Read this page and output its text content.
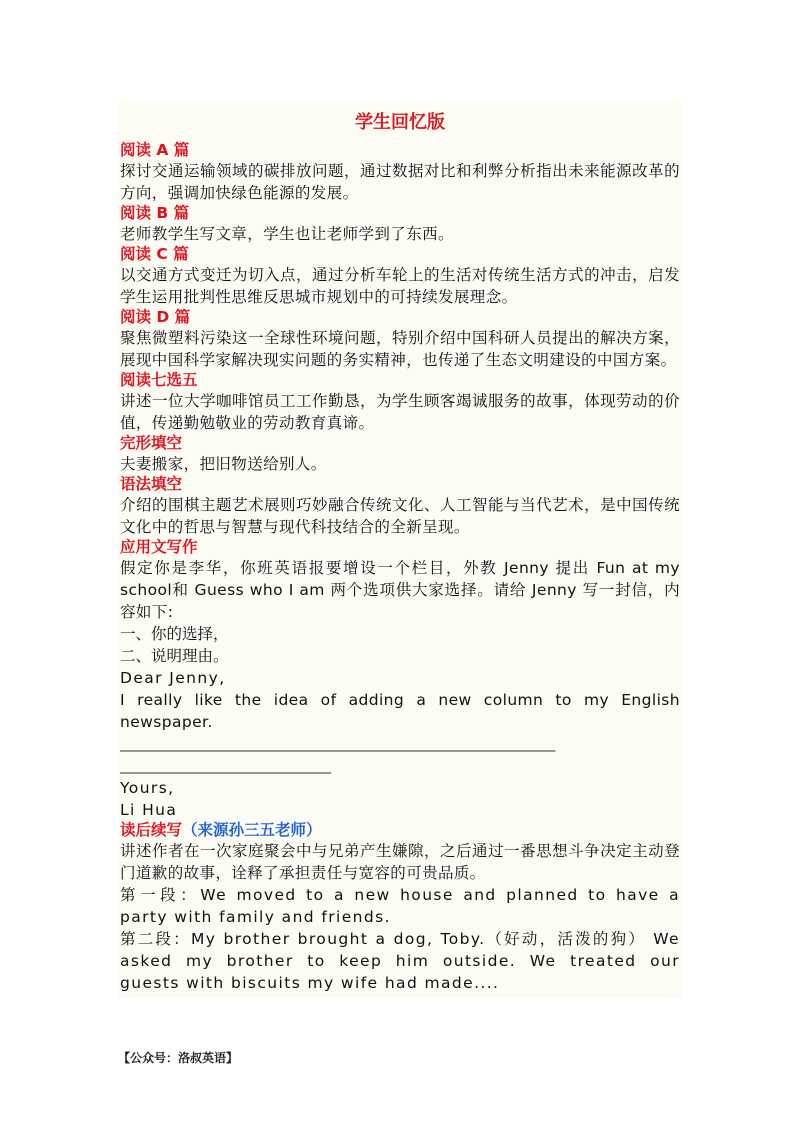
学生回忆版
阅读 A 篇
探讨交通运输领域的碳排放问题，通过数据对比和利弊分析指出未来能源改革的方向，强调加快绿色能源的发展。
阅读 B 篇
老师教学生写文章，学生也让老师学到了东西。
阅读 C 篇
以交通方式变迁为切入点，通过分析车轮上的生活对传统生活方式的冲击，启发学生运用批判性思维反思城市规划中的可持续发展理念。
阅读 D 篇
聚焦微塑料污染这一全球性环境问题，特别介绍中国科研人员提出的解决方案，展现中国科学家解决现实问题的务实精神，也传递了生态文明建设的中国方案。
阅读七选五
讲述一位大学咖啡馆员工工作勤恳，为学生顾客竭诚服务的故事，体现劳动的价值，传递勤勉敬业的劳动教育真谛。
完形填空
夫妻搬家，把旧物送给别人。
语法填空
介绍的围棋主题艺术展则巧妙融合传统文化、人工智能与当代艺术，是中国传统文化中的哲思与智慧与现代科技结合的全新呈现。
应用文写作
假定你是李华，你班英语报要增设一个栏目，外教 Jenny 提出 Fun at my school和 Guess who I am 两个选项供大家选择。请给 Jenny 写一封信，内容如下:
一、你的选择，
二、说明理由。
Dear Jenny,
I really like the idea of adding a new column to my English newspaper.
________________________________________________________________
_______________________________
Yours,
Li Hua
读后续写（来源孙三五老师）
讲述作者在一次家庭聚会中与兄弟产生嫌隙，之后通过一番思想斗争决定主动登门道歉的故事，诠释了承担责任与宽容的可贵品质。
第一段：We moved to a new house and planned to have a party with family and friends.
第二段：My brother brought a dog, Toby.（好动，活泼的狗） We asked my brother to keep him outside. We treated our guests with biscuits my wife had made....
【公众号：洛叔英语】
